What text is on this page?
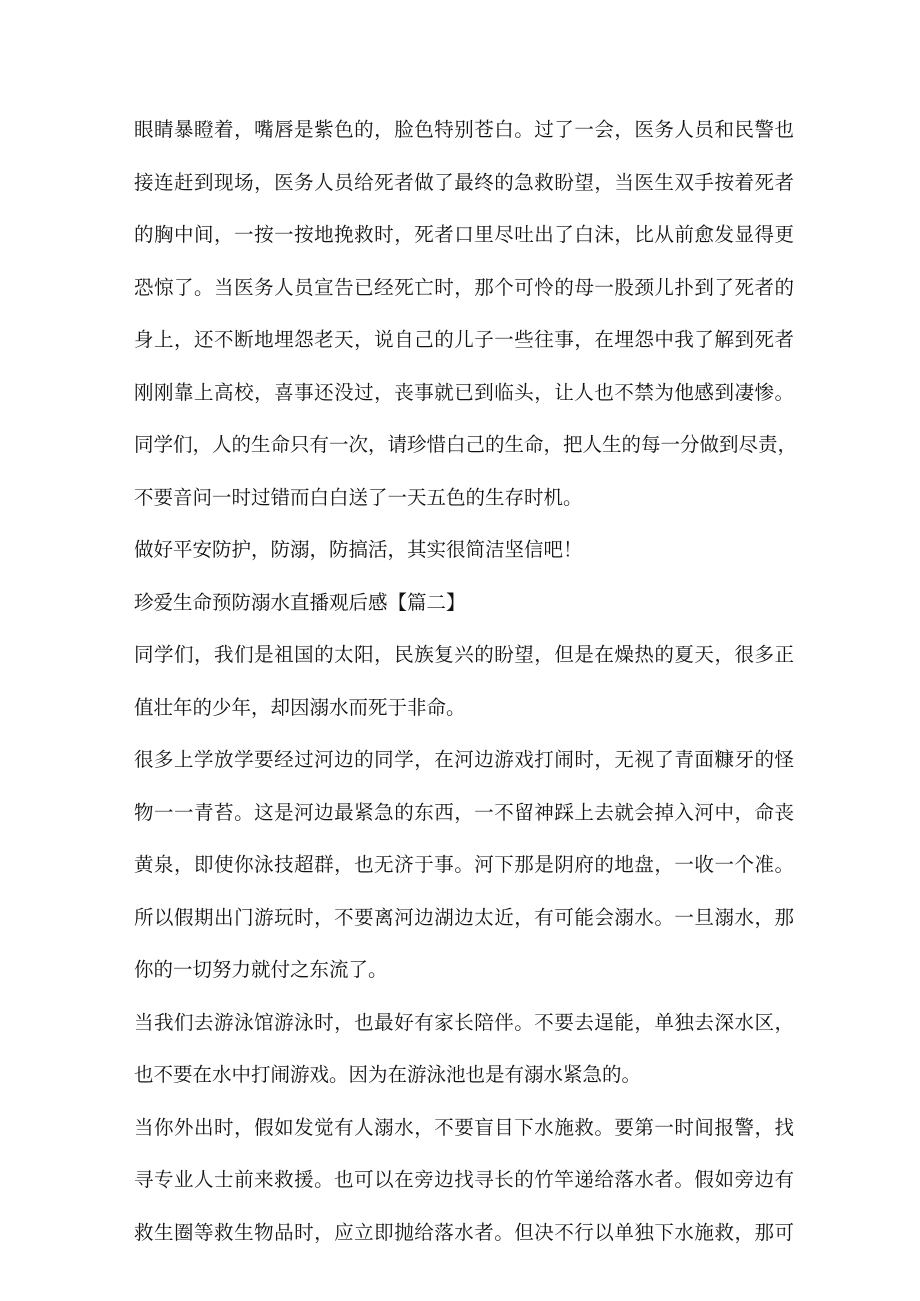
眼睛暴瞪着，嘴唇是紫色的，脸色特别苍白。过了一会，医务人员和民警也
接连赶到现场，医务人员给死者做了最终的急救盼望，当医生双手按着死者
的胸中间，一按一按地挽救时，死者口里尽吐出了白沫，比从前愈发显得更
恐惊了。当医务人员宣告已经死亡时，那个可怜的母一股颈儿扑到了死者的
身上，还不断地埋怨老天，说自己的儿子一些往事，在埋怨中我了解到死者
刚刚靠上高校，喜事还没过，丧事就已到临头，让人也不禁为他感到凄惨。
同学们，人的生命只有一次，请珍惜白己的生命，把人生的每一分做到尽责，
不要音问一时过错而白白送了一天五色的生存时机。
做好平安防护，防溺，防搞活，其实很简洁坚信吧！
珍爱生命预防溺水直播观后感【篇二】
同学们，我们是祖国的太阳，民族复兴的盼望，但是在燥热的夏天，很多正
值壮年的少年，却因溺水而死于非命。
很多上学放学要经过河边的同学，在河边游戏打闹时，无视了青面糠牙的怪
物一一青苔。这是河边最紧急的东西，一不留神踩上去就会掉入河中，命丧
黄泉，即使你泳技超群，也无济于事。河下那是阴府的地盘，一收一个准。
所以假期出门游玩时，不要离河边湖边太近，有可能会溺水。一旦溺水，那
你的一切努力就付之东流了。
当我们去游泳馆游泳时，也最好有家长陪伴。不要去逞能，单独去深水区，
也不要在水中打闹游戏。因为在游泳池也是有溺水紧急的。
当你外出时，假如发觉有人溺水，不要盲目下水施救。要第一时间报警，找
寻专业人士前来救援。也可以在旁边找寻长的竹竿递给落水者。假如旁边有
救生圈等救生物品时，应立即抛给落水者。但决不行以单独下水施救，那可
